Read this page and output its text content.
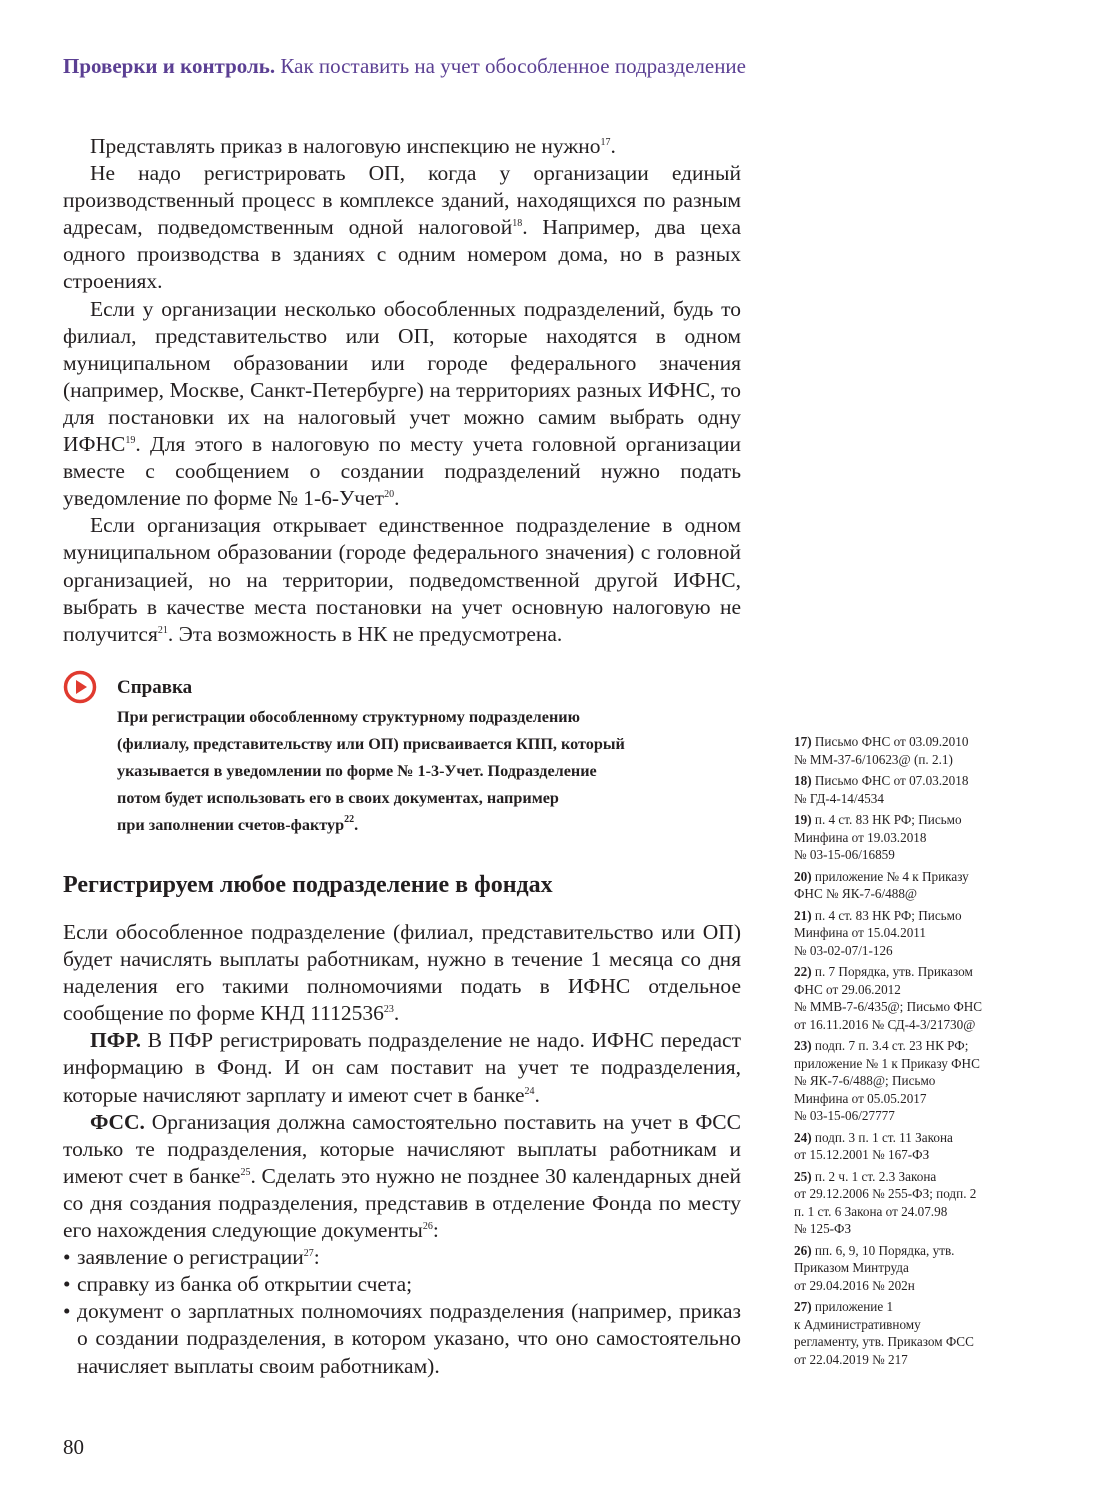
Проверки и контроль. Как поставить на учет обособленное подразделение

Представлять приказ в налоговую инспекцию не нужно$^{17}$.

Не надо регистрировать ОП, когда у организации единый производственный процесс в комплексе зданий, находящихся по разным адресам, подведомственным одной налоговой$^{18}$. Например, два цеха одного производства в зданиях с одним номером дома, но в разных строениях.

Если у организации несколько обособленных подразделений, будь то филиал, представительство или ОП, которые находятся в одном муниципальном образовании или городе федерального значения (например, Москве, Санкт-Петербурге) на территориях разных ИФНС, то для постановки их на налоговый учет можно самим выбрать одну ИФНС$^{19}$. Для этого в налоговую по месту учета головной организации вместе с сообщением о создании подразделений нужно подать уведомление по форме № 1-6-Учет$^{20}$.

Если организация открывает единственное подразделение в одном муниципальном образовании (городе федерального значения) с головной организацией, но на территории, подведомственной другой ИФНС, выбрать в качестве места постановки на учет основную налоговую не получится$^{21}$. Эта возможность в НК не предусмотрена.

Справка
При регистрации обособленному структурному подразделению
(филиалу, представительству или ОП) присваивается КПП, который
указывается в уведомлении по форме № 1-3-Учет. Подразделение
потом будет использовать его в своих документах, например
при заполнении счетов-фактур$^{22}$.
Регистрируем любое подразделение в фондах

Если обособленное подразделение (филиал, представительство или ОП) будет начислять выплаты работникам, нужно в течение 1 месяца со дня наделения его такими полномочиями подать в ИФНС отдельное сообщение по форме КНД 1112536$^{23}$.

ПФР. В ПФР регистрировать подразделение не надо. ИФНС передаст информацию в Фонд. И он сам поставит на учет те подразделения, которые начисляют зарплату и имеют счет в банке$^{24}$.

ФСС. Организация должна самостоятельно поставить на учет в ФСС только те подразделения, которые начисляют выплаты работникам и имеют счет в банке$^{25}$. Сделать это нужно не позднее 30 календарных дней со дня создания подразделения, представив в отделение Фонда по месту его нахождения следующие документы$^{26}$:

• заявление о регистрации$^{27}$:
• справку из банка об открытии счета;
• документ о зарплатных полномочиях подразделения (например, приказ о создании подразделения, в котором указано, что оно самостоятельно начисляет выплаты своим работникам).
17) Письмо ФНС от 03.09.2010
№ ММ-37-6/10623@ (п. 2.1)
18) Письмо ФНС от 07.03.2018
№ ГД-4-14/4534
19) п. 4 ст. 83 НК РФ; Письмо
Минфина от 19.03.2018
№ 03-15-06/16859
20) приложение № 4 к Приказу
ФНС № ЯК-7-6/488@
21) п. 4 ст. 83 НК РФ; Письмо
Минфина от 15.04.2011
№ 03-02-07/1-126
22) п. 7 Порядка, утв. Приказом
ФНС от 29.06.2012
№ ММВ-7-6/435@; Письмо ФНС
от 16.11.2016 № СД-4-3/21730@
23) подп. 7 п. 3.4 ст. 23 НК РФ;
приложение № 1 к Приказу ФНС
№ ЯК-7-6/488@; Письмо
Минфина от 05.05.2017
№ 03-15-06/27777
24) подп. 3 п. 1 ст. 11 Закона
от 15.12.2001 № 167-ФЗ
25) п. 2 ч. 1 ст. 2.3 Закона
от 29.12.2006 № 255-ФЗ; подп. 2
п. 1 ст. 6 Закона от 24.07.98
№ 125-ФЗ
26) пп. 6, 9, 10 Порядка, утв.
Приказом Минтруда
от 29.04.2016 № 202н
27) приложение 1
к Административному
регламенту, утв. Приказом ФСС
от 22.04.2019 № 217
80
